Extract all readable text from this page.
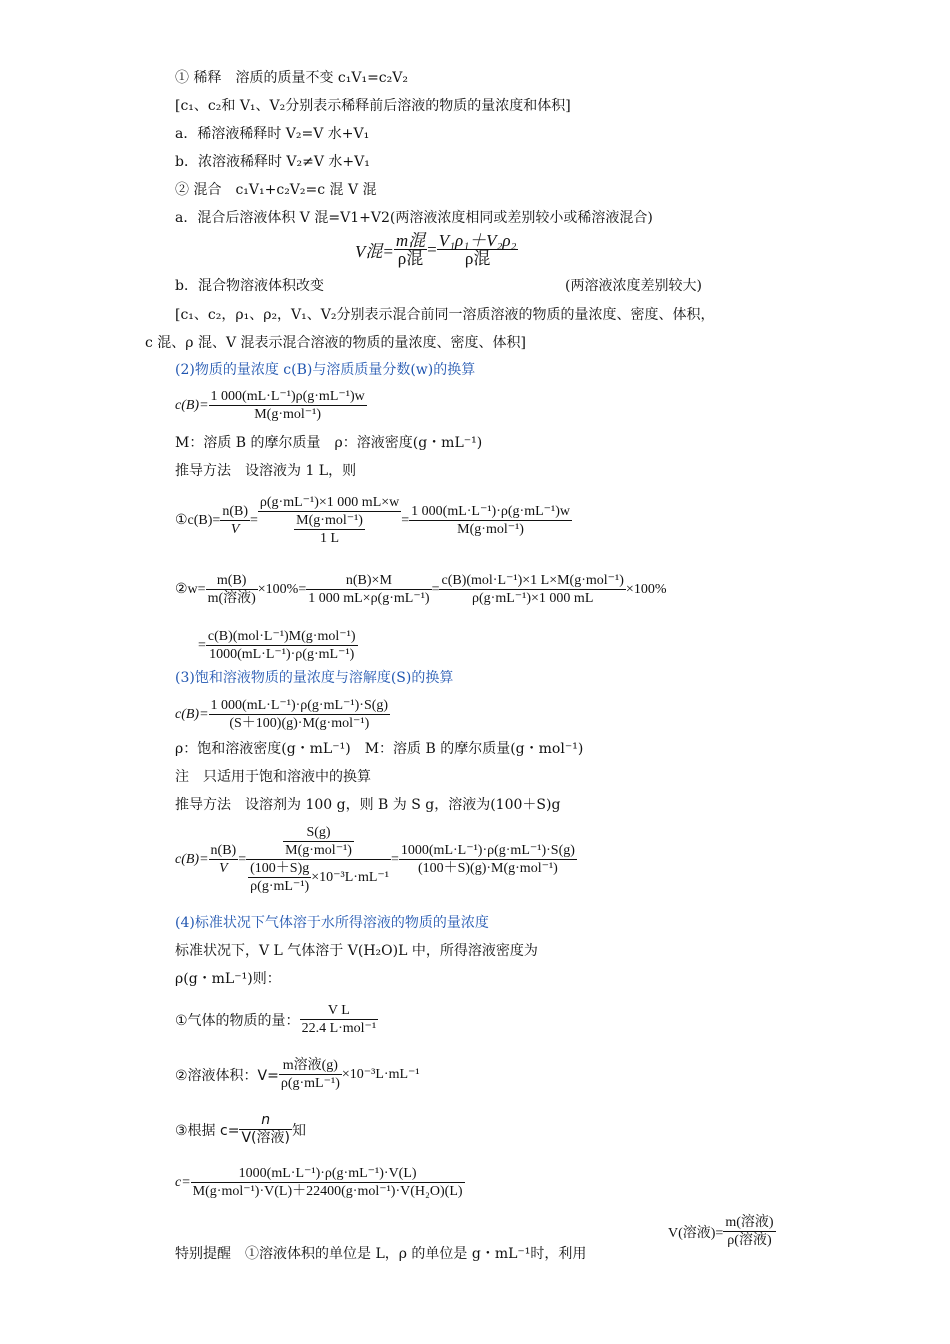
① 稀释　溶质的质量不变 c₁V₁=c₂V₂
[c₁、c₂和 V₁、V₂分别表示稀释前后溶液的物质的量浓度和体积]
a．稀溶液稀释时 V₂=V 水+V₁
b．浓溶液稀释时 V₂≠V 水+V₁
② 混合　c₁V₁+c₂V₂=c 混 V 混
a．混合后溶液体积 V 混=V1+V2(两溶液浓度相同或差别较小或稀溶液混合)
V混= $\frac{\text{m混}}{\text{ρ混}} = \frac{\text{V₁ρ₁＋V₂ρ₂}}{\text{ρ混}}$
b．混合物溶液体积改变	(两溶液浓度差别较大)
[c₁、c₂，ρ₁、ρ₂，V₁、V₂分别表示混合前同一溶质溶液的物质的量浓度、密度、体积，
c 混、ρ 混、V 混表示混合溶液的物质的量浓度、密度、体积]
(2)物质的量浓度 c(B)与溶质质量分数(w)的换算
$c(B)= \frac{\text{1 000(mL·L⁻¹)ρ(g·mL⁻¹)w}}{\text{M(g·mol⁻¹)}}$
M：溶质 B 的摩尔质量　ρ：溶液密度(g・mL⁻¹)
推导方法　设溶液为 1 L，则
①c(B)= $\frac{n(B)}{V} = \frac{\text{ρ(g·mL⁻¹)×1 000 mL×w}}{\frac{\text{M(g·mol⁻¹)}}{1 L}} = \frac{\text{1 000(mL·L⁻¹)·ρ(g·mL⁻¹)w}}{\text{M(g·mol⁻¹)}}$
②w= $\frac{m(B)}{\text{m(溶液)}} \times 100\%= \frac{n(B)\times M}{\text{1 000 mL×ρ(g·mL⁻¹)}} = \frac{\text{c(B)(mol·L⁻¹)×1 L×M(g·mol⁻¹)}}{\text{ρ(g·mL⁻¹)×1 000 mL}} \times 100\%$
= $\frac{\text{c(B)(mol·L⁻¹)M(g·mol⁻¹)}}{\text{1000(mL·L⁻¹)·ρ(g·mL⁻¹)}}$
(3)饱和溶液物质的量浓度与溶解度(S)的换算
$c(B)= \frac{\text{1 000(mL·L⁻¹)·ρ(g·mL⁻¹)·S(g)}}{\text{(S＋100)(g)·M(g·mol⁻¹)}}$
ρ：饱和溶液密度(g・mL⁻¹)　M：溶质 B 的摩尔质量(g・mol⁻¹)
注　只适用于饱和溶液中的换算
推导方法　设溶剂为 100 g，则 B 为 S g，溶液为(100＋S)g
$c(B)= \frac{n(B)}{V} = \frac{\frac{S(g)}{\text{M(g·mol⁻¹)}}}{\frac{(100+S)g}{\text{ρ(g·mL⁻¹)}} \times 10^{-3}L\cdot mL^{-1}} = \frac{\text{1000(mL·L⁻¹)·ρ(g·mL⁻¹)·S(g)}}{\text{(100＋S)(g)·M(g·mol⁻¹)}}$
(4)标准状况下气体溶于水所得溶液的物质的量浓度
标准状况下，V L 气体溶于 V(H₂O)L 中，所得溶液密度为
ρ(g・mL⁻¹)则：
①气体的物质的量： $\frac{\text{V L}}{\text{22.4 L·mol⁻¹}}$
②溶液体积：$V= \frac{\text{m溶液(g)}}{\text{ρ(g·mL⁻¹)}} \times 10^{-3}L\cdot mL^{-1}$
③根据 $c= \frac{n}{\text{V(溶液)}}$ 知
$c= \frac{\text{1000(mL·L⁻¹)·ρ(g·mL⁻¹)·V(L)}}{\text{M(g·mol⁻¹)·V(L)＋22400(g·mol⁻¹)·V(H₂O)(L)}}$
V(溶液)= $\frac{\text{m(溶液)}}{\text{ρ(溶液)}}$
特别提醒　①溶液体积的单位是 L，ρ 的单位是 g・mL⁻¹时，利用
